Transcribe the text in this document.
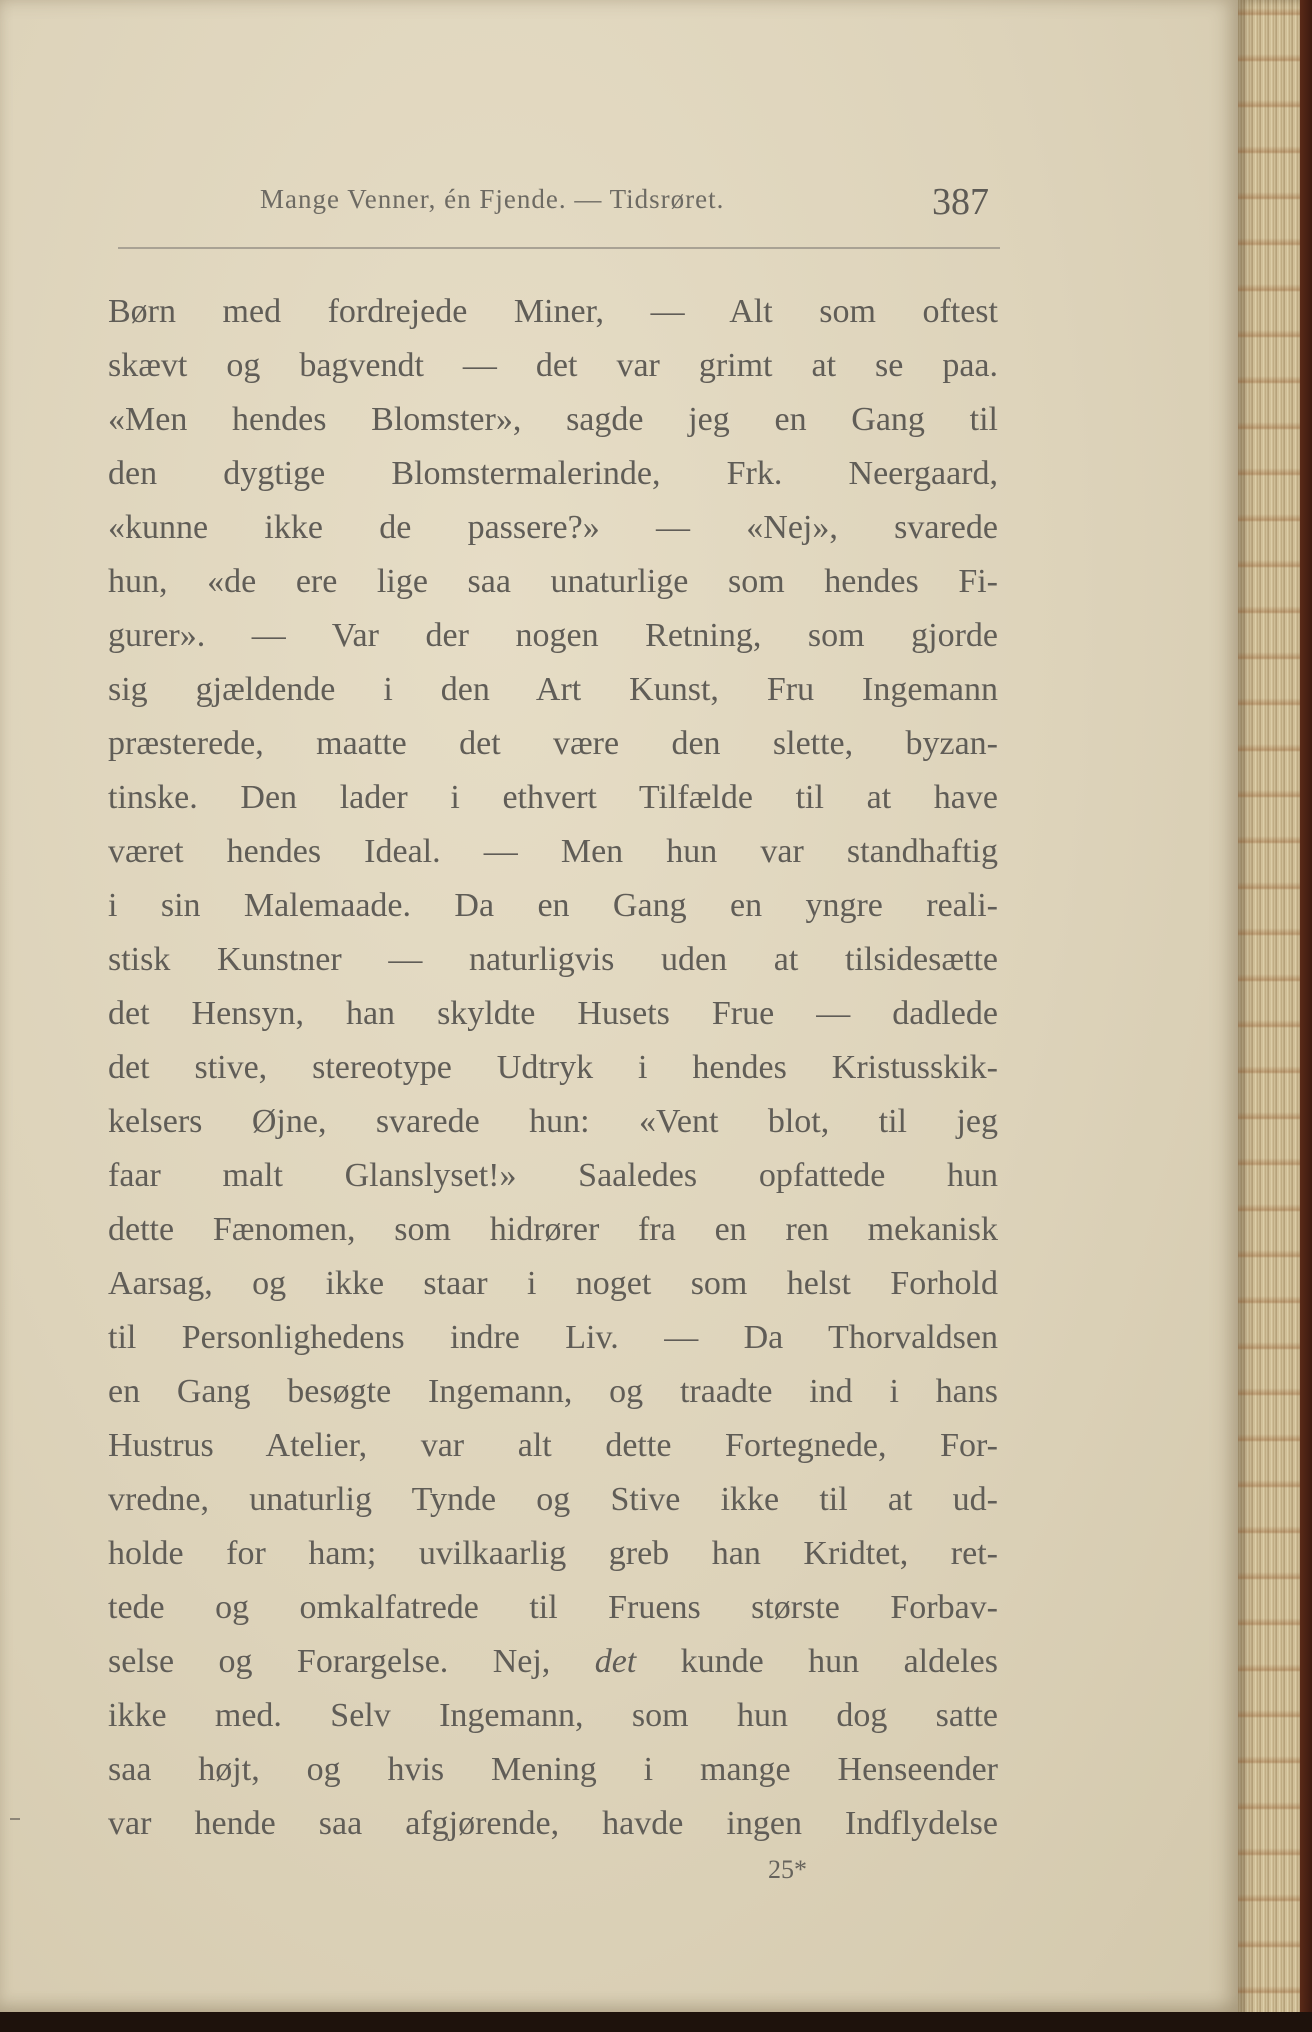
Mange Venner, én Fjende. — Tidsrøret.	387
Børn med fordrejede Miner, — Alt som oftest
skævt og bagvendt — det var grimt at se paa.
«Men hendes Blomster», sagde jeg en Gang til
den dygtige Blomstermalerinde, Frk. Neergaard,
«kunne ikke de passere?» — «Nej», svarede
hun, «de ere lige saa unaturlige som hendes Fi-
gurer». — Var der nogen Retning, som gjorde
sig gjældende i den Art Kunst, Fru Ingemann
præsterede, maatte det være den slette, byzan-
tinske. Den lader i ethvert Tilfælde til at have
været hendes Ideal. — Men hun var standhaftig
i sin Malemaade. Da en Gang en yngre reali-
stisk Kunstner — naturligvis uden at tilsidesætte
det Hensyn, han skyldte Husets Frue — dadlede
det stive, stereotype Udtryk i hendes Kristusskik-
kelsers Øjne, svarede hun: «Vent blot, til jeg
faar malt Glanslyset!» Saaledes opfattede hun
dette Fænomen, som hidrører fra en ren mekanisk
Aarsag, og ikke staar i noget som helst Forhold
til Personlighedens indre Liv. — Da Thorvaldsen
en Gang besøgte Ingemann, og traadte ind i hans
Hustrus Atelier, var alt dette Fortegnede, For-
vredne, unaturlig Tynde og Stive ikke til at ud-
holde for ham; uvilkaarlig greb han Kridtet, ret-
tede og omkalfatrede til Fruens største Forbav-
selse og Forargelse. Nej, det kunde hun aldeles
ikke med. Selv Ingemann, som hun dog satte
saa højt, og hvis Mening i mange Henseender
var hende saa afgjørende, havde ingen Indflydelse
25*
